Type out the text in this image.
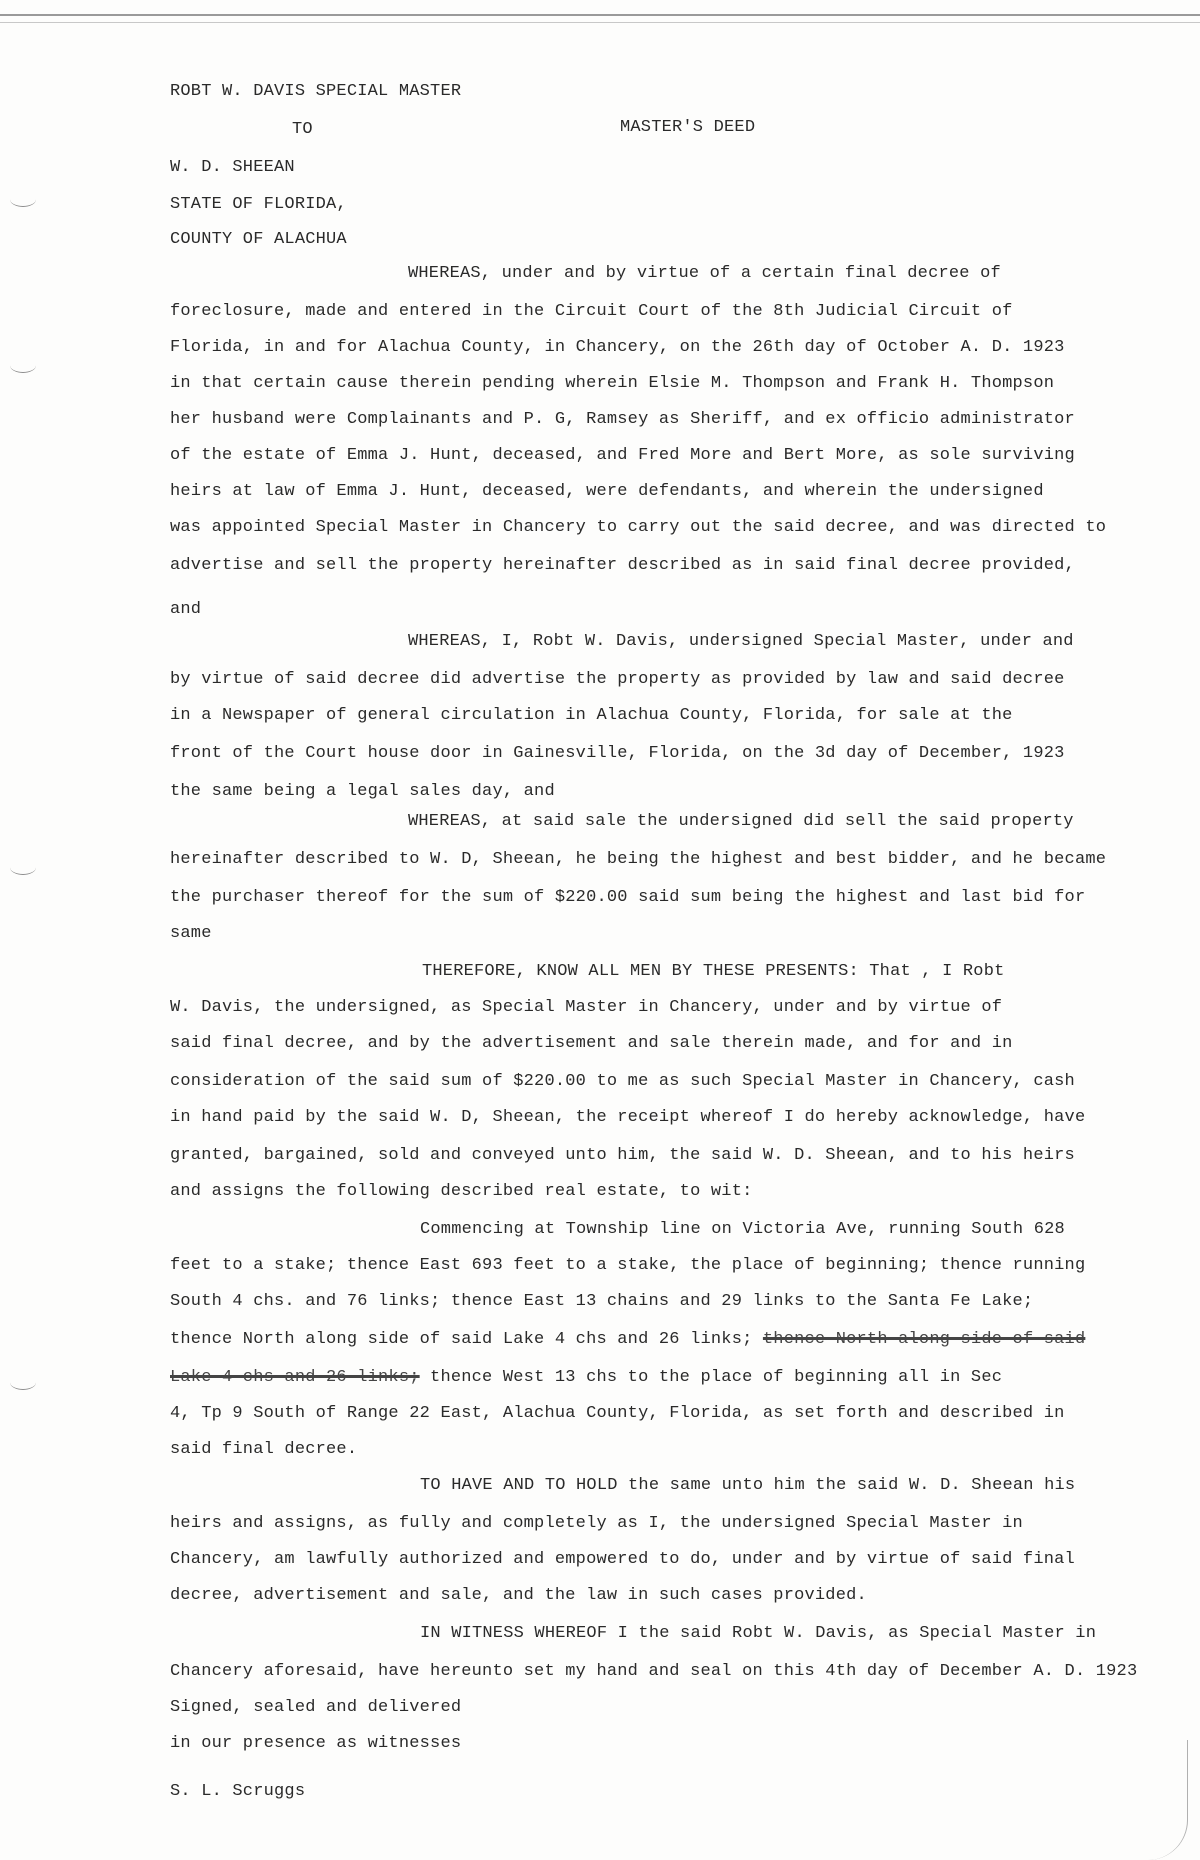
ROBT W. DAVIS SPECIAL MASTER
TO	MASTER'S DEED
W. D. SHEEAN
STATE OF FLORIDA,
COUNTY OF ALACHUA
WHEREAS, under and by virtue of a certain final decree of
foreclosure, made and entered in the Circuit Court of the 8th Judicial Circuit of
Florida, in and for Alachua County, in Chancery, on the 26th day of October A. D. 1923
in that certain cause therein pending wherein Elsie M. Thompson and Frank H. Thompson
her husband were Complainants and P. G, Ramsey as Sheriff, and ex officio administrator
of the estate of Emma J. Hunt, deceased, and Fred More and Bert More, as sole surviving
heirs at law of Emma J. Hunt, deceased, were defendants, and wherein the undersigned
was appointed Special Master in Chancery to carry out the said decree, and was directed to
advertise and sell the property hereinafter described as in said final decree provided,
and
WHEREAS, I, Robt W. Davis, undersigned Special Master, under and
by virtue of said decree did advertise the property as provided by law and said decree
in a Newspaper of general circulation in Alachua County, Florida, for sale at the
front of the Court house door in Gainesville, Florida, on the 3d day of December, 1923
the same being a legal sales day, and
WHEREAS, at said sale the undersigned did sell the said property
hereinafter described to W. D, Sheean, he being the highest and best bidder, and he became
the purchaser thereof for the sum of $220.00 said sum being the highest and last bid for
same
THEREFORE, KNOW ALL MEN BY THESE PRESENTS: That , I Robt
W. Davis, the undersigned, as Special Master in Chancery, under and by virtue of
said final decree, and by the advertisement and sale therein made, and for and in
consideration of the said sum of $220.00 to me as such Special Master in Chancery, cash
in hand paid by the said W. D, Sheean, the receipt whereof I do hereby acknowledge, have
granted, bargained, sold and conveyed unto him, the said W. D. Sheean, and to his heirs
and assigns the following described real estate, to wit:
Commencing at Township line on Victoria Ave, running South 628
feet to a stake; thence East 693 feet to a stake, the place of beginning; thence running
South 4 chs. and 76 links; thence East 13 chains and 29 links to the Santa Fe Lake;
thence North along side of said Lake 4 chs and 26 links; thence North along side of said
Lake 4 chs and 26 links; thence West 13 chs to the place of beginning all in Sec
4, Tp 9 South of Range 22 East, Alachua County, Florida, as set forth and described in
said final decree.
TO HAVE AND TO HOLD the same unto him the said W. D. Sheean his
heirs and assigns, as fully and completely as I, the undersigned Special Master in
Chancery, am lawfully authorized and empowered to do, under and by virtue of said final
decree, advertisement and sale, and the law in such cases provided.
IN WITNESS WHEREOF I the said Robt W. Davis, as Special Master in
Chancery aforesaid, have hereunto set my hand and seal on this 4th day of December A. D. 1923
Signed, sealed and delivered
in our presence as witnesses
S. L. Scruggs
